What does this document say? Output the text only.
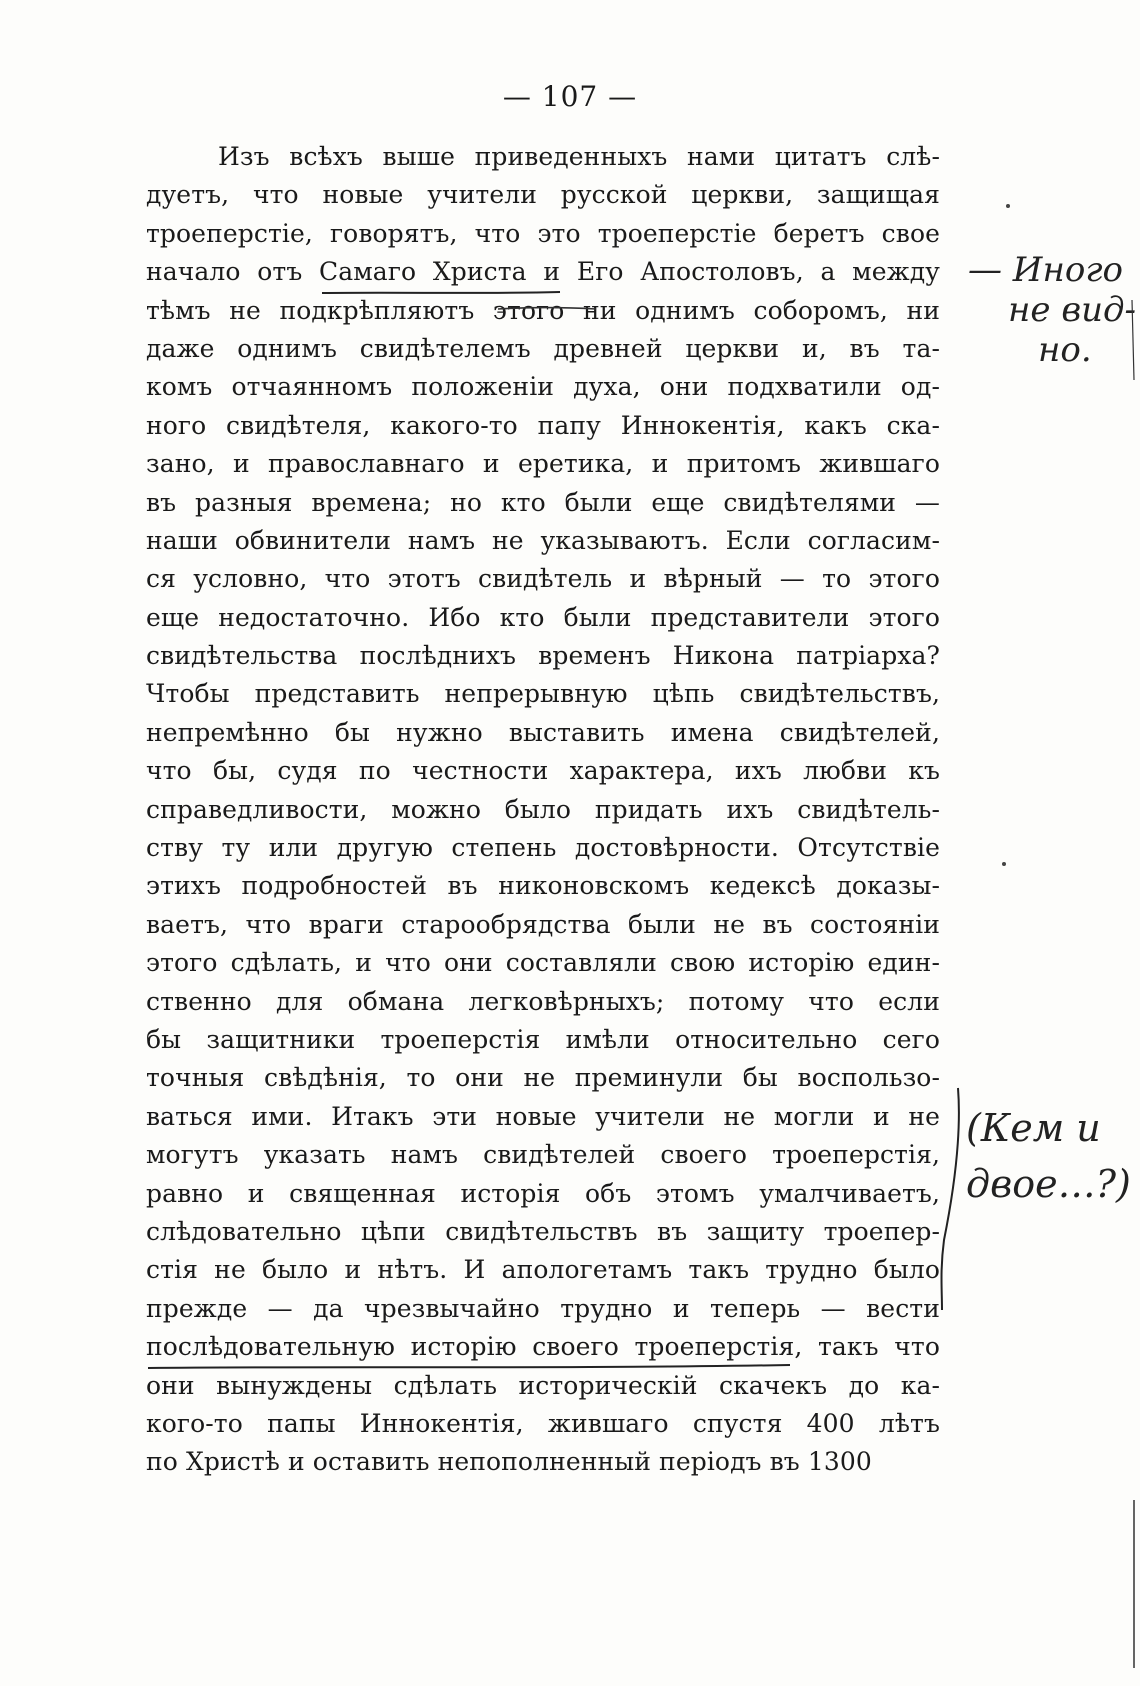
— 107 —
Изъ всѣхъ выше приведенныхъ нами цитатъ слѣ-
дуетъ, что новые учители русской церкви, защищая
троеперстіе, говорятъ, что это троеперстіе беретъ свое
начало отъ Самаго Христа и Его Апостоловъ, а между
тѣмъ не подкрѣпляютъ этого ни однимъ соборомъ, ни
даже однимъ свидѣтелемъ древней церкви и, въ та-
комъ отчаянномъ положеніи духа, они подхватили од-
ного свидѣтеля, какого-то папу Иннокентія, какъ ска-
зано, и православнаго и еретика, и притомъ жившаго
въ разныя времена; но кто были еще свидѣтелями —
наши обвинители намъ не указываютъ. Если согласим-
ся условно, что этотъ свидѣтель и вѣрный — то этого
еще недостаточно. Ибо кто были представители этого
свидѣтельства послѣднихъ временъ Никона патріарха?
Чтобы представить непрерывную цѣпь свидѣтельствъ,
непремѣнно бы нужно выставить имена свидѣтелей,
что бы, судя по честности характера, ихъ любви къ
справедливости, можно было придать ихъ свидѣтель-
ству ту или другую степень достовѣрности. Отсутствіе
этихъ подробностей въ никоновскомъ кедексѣ доказы-
ваетъ, что враги старообрядства были не въ состояніи
этого сдѣлать, и что они составляли свою исторію един-
ственно для обмана легковѣрныхъ; потому что если
бы защитники троеперстія имѣли относительно сего
точныя свѣдѣнія, то они не преминули бы воспользо-
ваться ими. Итакъ эти новые учители не могли и не
могутъ указать намъ свидѣтелей своего троеперстія,
равно и священная исторія объ этомъ умалчиваетъ,
слѣдовательно цѣпи свидѣтельствъ въ защиту троепер-
стія не было и нѣтъ. И апологетамъ такъ трудно было
прежде — да чрезвычайно трудно и теперь — вести
послѣдовательную исторію своего троеперстія, такъ что
они вынуждены сдѣлать историческій скачекъ до ка-
кого-то папы Иннокентія, жившаго спустя 400 лѣтъ
по Христѣ и оставить непополненный періодъ въ 1300
— Иного
не вид-
но.
(Кем и
двое…?)
